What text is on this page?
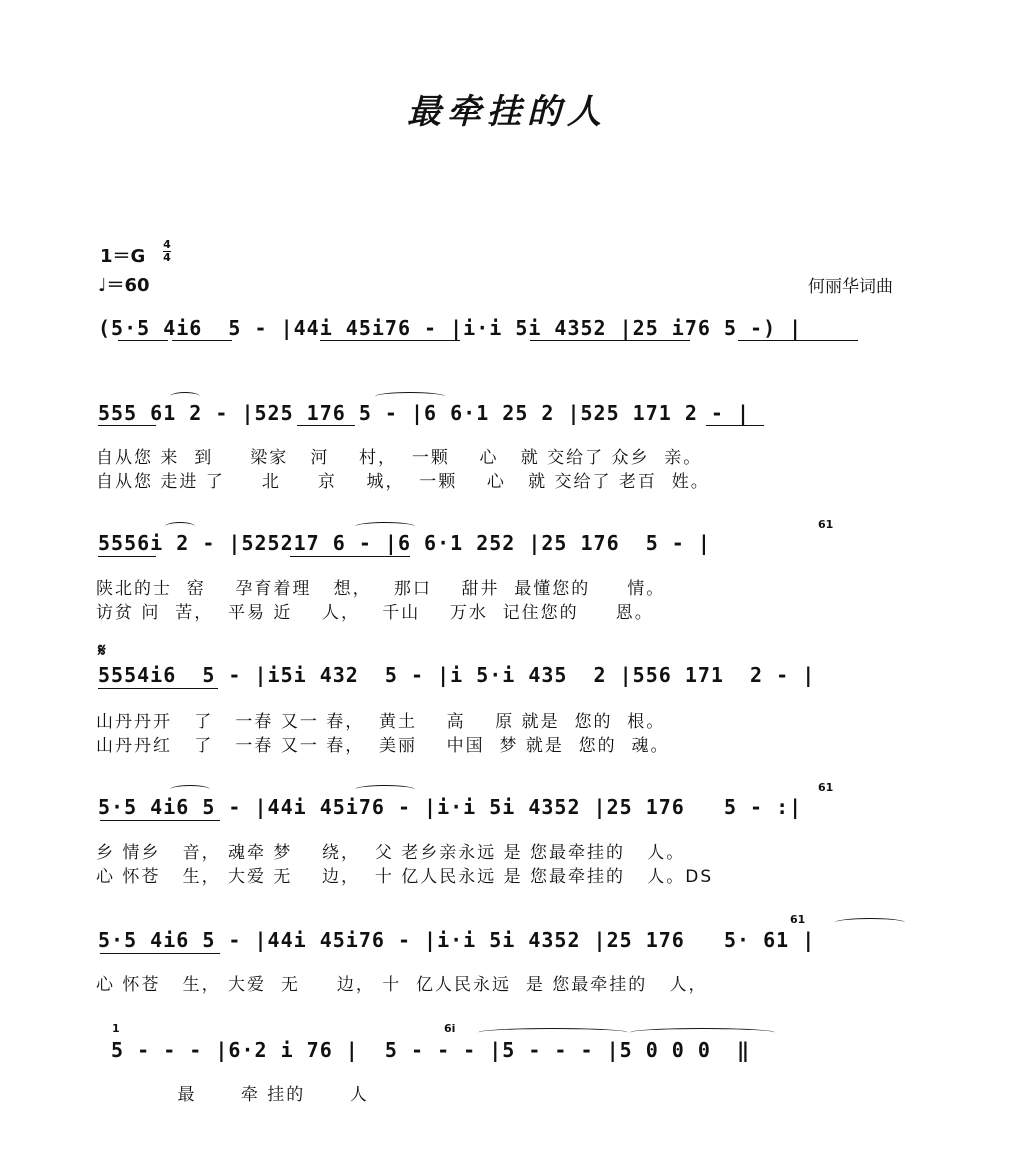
最牵挂的人
1＝G
4
4
♩＝60	何丽华词曲
(5·5 4i6  5 - |44i 45i76 - |i·i 5i 4352 |25 i76 5 -) |
555 61 2 - |525 176 5 - |6 6·1 25 2 |525 171 2 - |
自从您 来  到     梁家   河    村，  一颗    心   就 交给了 众乡  亲。
自从您 走进 了     北     京    城，  一颗    心   就 交给了 老百  姓。
5556i 2 - |525217 6 - |6 6·1 252 |25 176  5 - |
61
陕北的士  窑    孕育着理   想，   那口    甜井  最懂您的     情。
访贫 问  苦，  平易 近    人，   千山    万水  记住您的     恩。
𝄋
5554i6  5 - |i5i 432  5 - |i 5·i 435  2 |556 171  2 - |
山丹丹开   了   一春 又一 春，  黄土    高    原 就是  您的  根。
山丹丹红   了   一春 又一 春，  美丽    中国  梦 就是  您的  魂。
5·5 4i6 5 - |44i 45i76 - |i·i 5i 4352 |25 176   5 - :|
61
乡 情乡   音， 魂牵 梦    绕，  父 老乡亲永远 是 您最牵挂的   人。
心 怀苍   生， 大爱 无    边，  十 亿人民永远 是 您最牵挂的   人。DS
5·5 4i6 5 - |44i 45i76 - |i·i 5i 4352 |25 176   5· 61 |
61
心 怀苍   生， 大爱  无     边， 十  亿人民永远  是 您最牵挂的   人，
5 - - - |6·2 i 76 |  5 - - - |5 - - - |5 0 0 0  ‖
1	6i
最      牵 挂的      人
